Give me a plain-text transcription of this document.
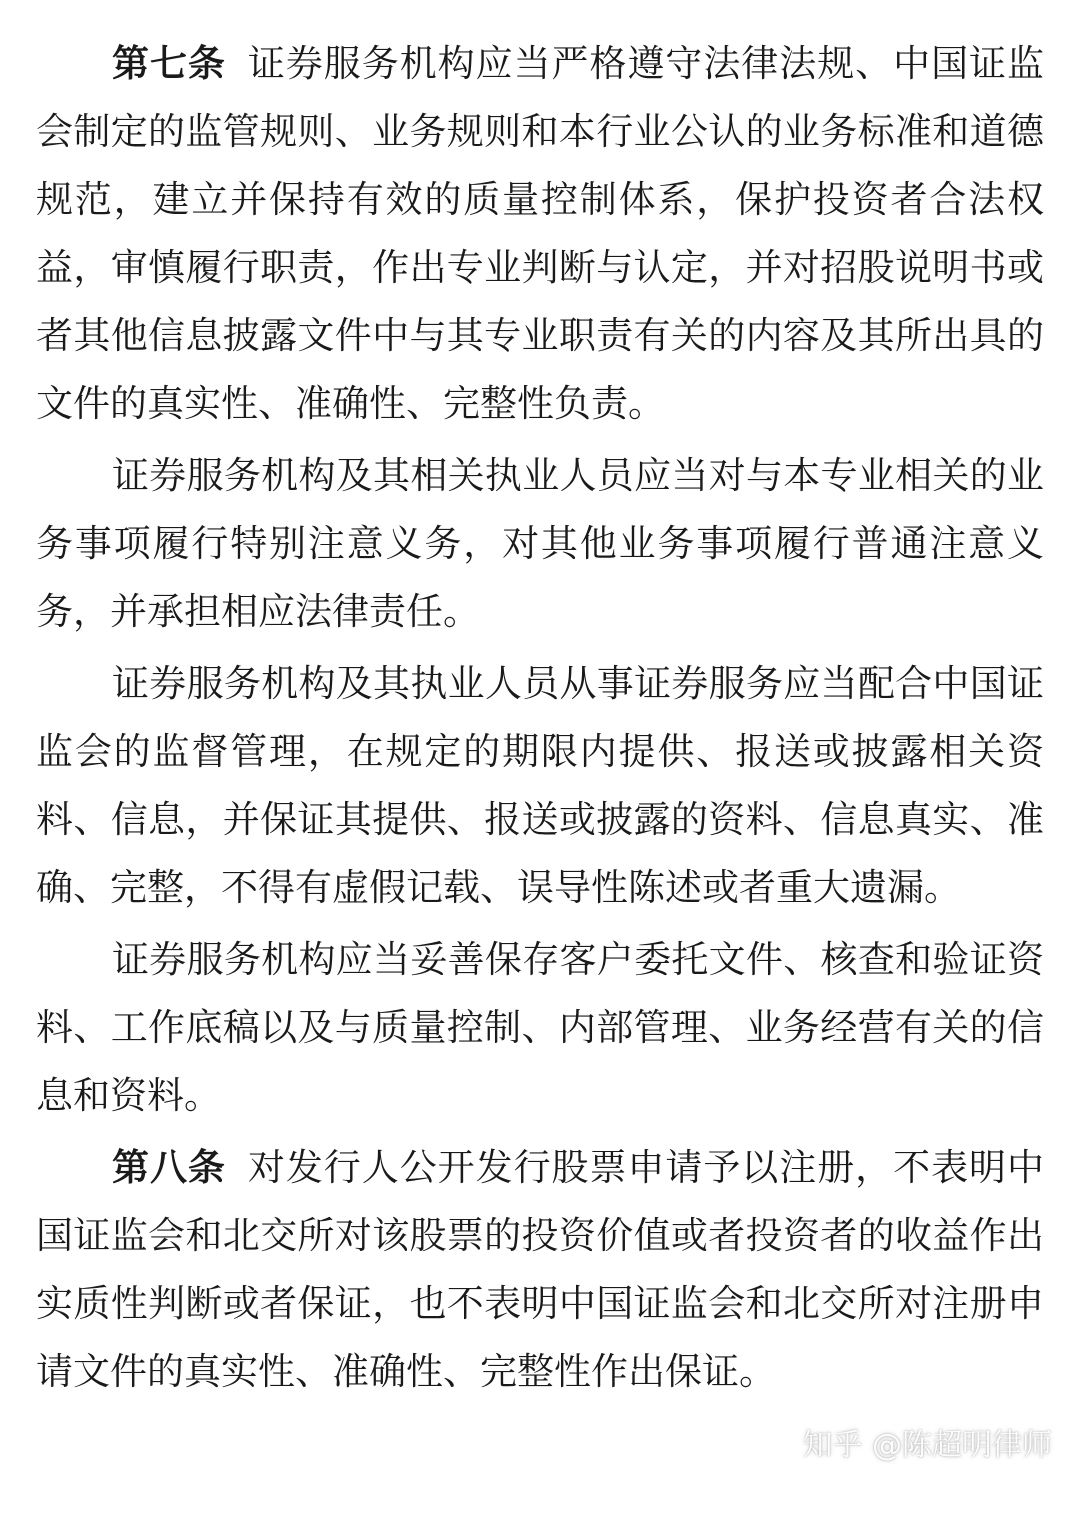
第七条 证券服务机构应当严格遵守法律法规、中国证监会制定的监管规则、业务规则和本行业公认的业务标准和道德规范，建立并保持有效的质量控制体系，保护投资者合法权益，审慎履行职责，作出专业判断与认定，并对招股说明书或者其他信息披露文件中与其专业职责有关的内容及其所出具的文件的真实性、准确性、完整性负责。

证券服务机构及其相关执业人员应当对与本专业相关的业务事项履行特别注意义务，对其他业务事项履行普通注意义务，并承担相应法律责任。

证券服务机构及其执业人员从事证券服务应当配合中国证监会的监督管理，在规定的期限内提供、报送或披露相关资料、信息，并保证其提供、报送或披露的资料、信息真实、准确、完整，不得有虚假记载、误导性陈述或者重大遗漏。

证券服务机构应当妥善保存客户委托文件、核查和验证资料、工作底稿以及与质量控制、内部管理、业务经营有关的信息和资料。

第八条 对发行人公开发行股票申请予以注册，不表明中国证监会和北交所对该股票的投资价值或者投资者的收益作出实质性判断或者保证，也不表明中国证监会和北交所对注册申请文件的真实性、准确性、完整性作出保证。

知乎 @陈超明律师
